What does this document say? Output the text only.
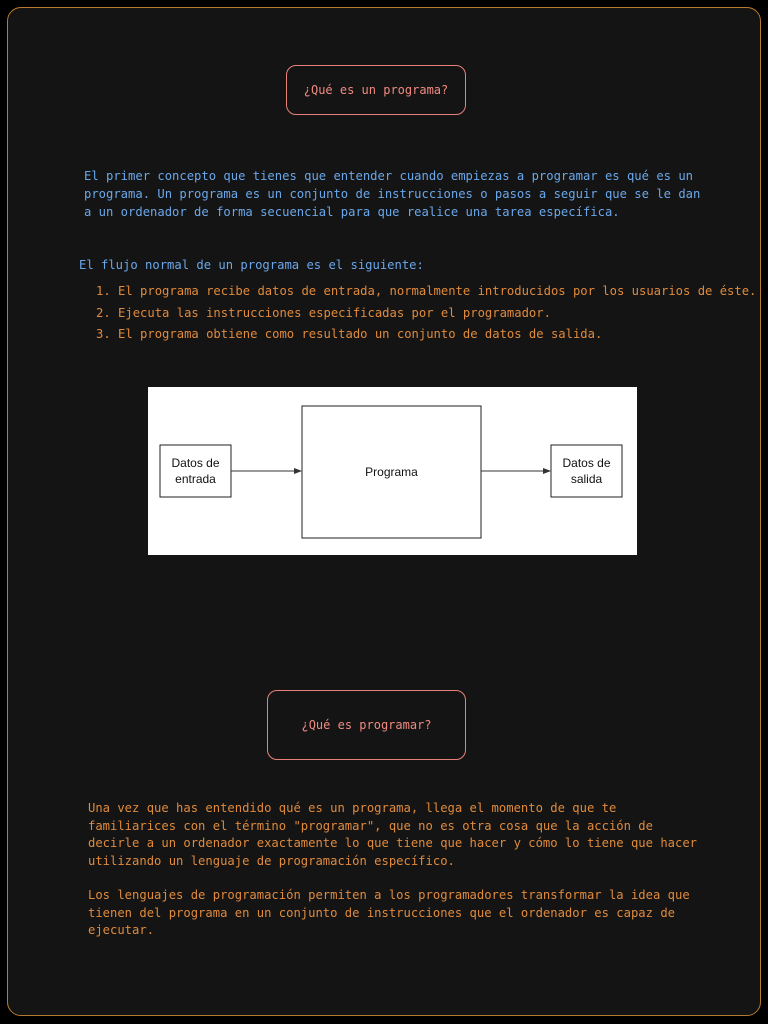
¿Qué es un programa?

El primer concepto que tienes que entender cuando empiezas a programar es qué es un programa. Un programa es un conjunto de instrucciones o pasos a seguir que se le dan a un ordenador de forma secuencial para que realice una tarea específica.

El flujo normal de un programa es el siguiente:

1. El programa recibe datos de entrada, normalmente introducidos por los usuarios de éste.
2. Ejecuta las instrucciones especificadas por el programador.
3. El programa obtiene como resultado un conjunto de datos de salida.
Datos de
entrada	Programa
Datos de
salida
¿Qué es programar?

Una vez que has entendido qué es un programa, llega el momento de que te familiarices con el término "programar", que no es otra cosa que la acción de decirle a un ordenador exactamente lo que tiene que hacer y cómo lo tiene que hacer utilizando un lenguaje de programación específico.

Los lenguajes de programación permiten a los programadores transformar la idea que tienen del programa en un conjunto de instrucciones que el ordenador es capaz de ejecutar.
